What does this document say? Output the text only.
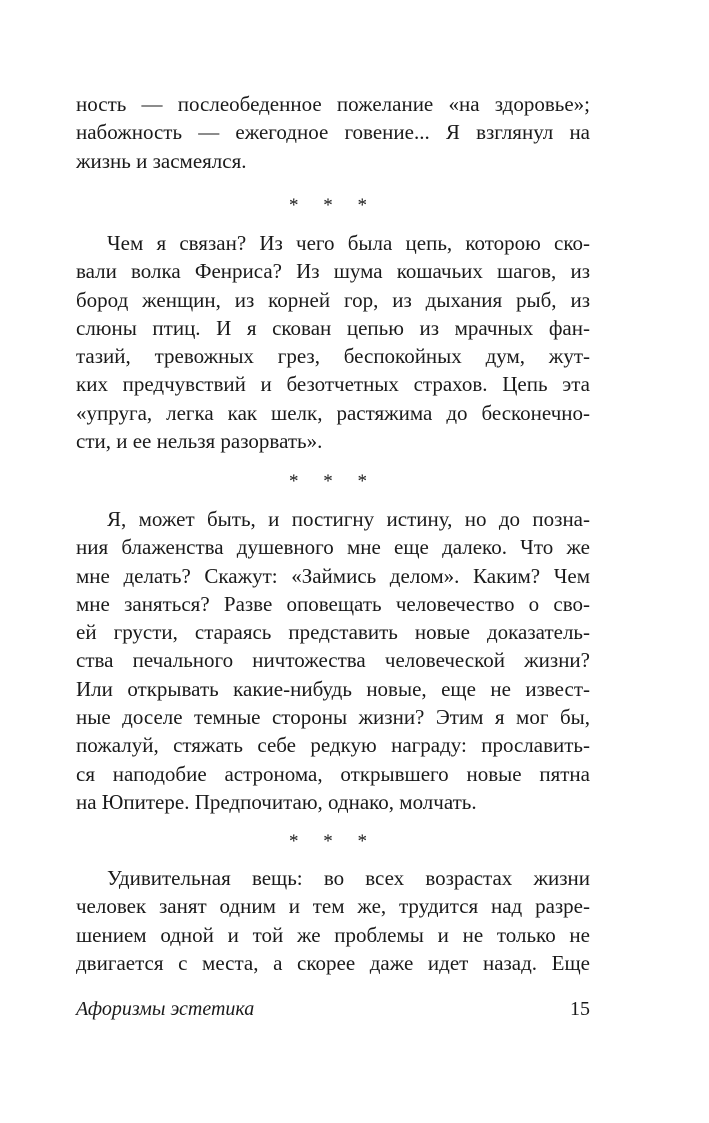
ность — послеобеденное пожелание «на здоровье»;
набожность — ежегодное говение... Я взглянул на
жизнь и засмеялся.
* * *
Чем я связан? Из чего была цепь, которою ско-
вали волка Фенриса? Из шума кошачьих шагов, из
бород женщин, из корней гор, из дыхания рыб, из
слюны птиц. И я скован цепью из мрачных фан-
тазий, тревожных грез, беспокойных дум, жут-
ких предчувствий и безотчетных страхов. Цепь эта
«упруга, легка как шелк, растяжима до бесконечно-
сти, и ее нельзя разорвать».
* * *
Я, может быть, и постигну истину, но до позна-
ния блаженства душевного мне еще далеко. Что же
мне делать? Скажут: «Займись делом». Каким? Чем
мне заняться? Разве оповещать человечество о сво-
ей грусти, стараясь представить новые доказатель-
ства печального ничтожества человеческой жизни?
Или открывать какие-нибудь новые, еще не извест-
ные доселе темные стороны жизни? Этим я мог бы,
пожалуй, стяжать себе редкую награду: прославить-
ся наподобие астронома, открывшего новые пятна
на Юпитере. Предпочитаю, однако, молчать.
* * *
Удивительная вещь: во всех возрастах жизни
человек занят одним и тем же, трудится над разре-
шением одной и той же проблемы и не только не
двигается с места, а скорее даже идет назад. Еще
Афоризмы эстетика	15
